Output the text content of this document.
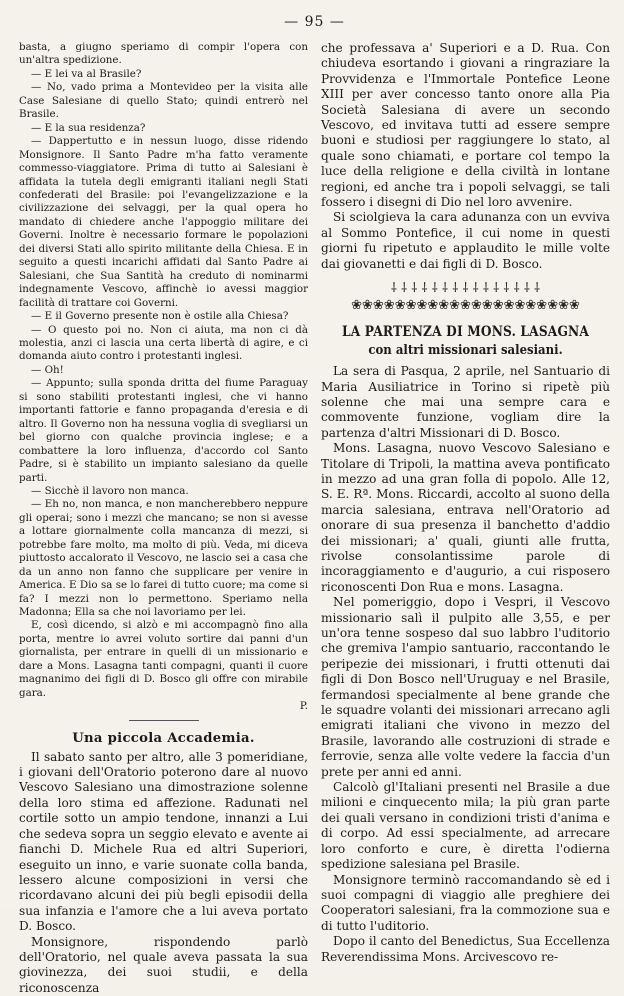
— 95 —

basta, a giugno speriamo di compir l'opera con un'altra spedizione.

— E lei va al Brasile?

— No, vado prima a Montevideo per la visita alle Case Salesiane di quello Stato; quindi entrerò nel Brasile.

— E la sua residenza?

— Dappertutto e in nessun luogo, disse ridendo Monsignore. Il Santo Padre m'ha fatto veramente commesso-viaggiatore. Prima di tutto ai Salesiani è affidata la tutela degli emigranti italiani negli Stati confederati del Brasile: poi l'evangelizzazione e la civilizzazione dei selvaggi, per la qual opera ho mandato di chiedere anche l'appoggio militare dei Governi. Inoltre è necessario formare le popolazioni dei diversi Stati allo spirito militante della Chiesa. E in seguito a questi incarichi affidati dal Santo Padre ai Salesiani, che Sua Santità ha creduto di nominarmi indegnamente Vescovo, affinchè io avessi maggior facilità di trattare coi Governi.

— E il Governo presente non è ostile alla Chiesa?

— O questo poi no. Non ci aiuta, ma non ci dà molestia, anzi ci lascia una certa libertà di agire, e ci domanda aiuto contro i protestanti inglesi.

— Oh!

— Appunto; sulla sponda dritta del fiume Paraguay si sono stabiliti protestanti inglesi, che vi hanno importanti fattorie e fanno propaganda d'eresia e di altro. Il Governo non ha nessuna voglia di svegliarsi un bel giorno con qualche provincia inglese; e a combattere la loro influenza, d'accordo col Santo Padre, si è stabilito un impianto salesiano da quelle parti.

— Sicchè il lavoro non manca.

— Eh no, non manca, e non mancherebbero neppure gli operai; sono i mezzi che mancano; se non si avesse a lottare giornalmente colla mancanza di mezzi, si potrebbe fare molto, ma molto di più. Veda, mi diceva piuttosto accalorato il Vescovo, ne lascio sei a casa che da un anno non fanno che supplicare per venire in America. E Dio sa se lo farei di tutto cuore; ma come si fa? I mezzi non lo permettono. Speriamo nella Madonna; Ella sa che noi lavoriamo per lei.

E, così dicendo, si alzò e mi accompagnò fino alla porta, mentre io avrei voluto sortire dai panni d'un giornalista, per entrare in quelli di un missionario e dare a Mons. Lasagna tanti compagni, quanti il cuore magnanimo dei figli di D. Bosco gli offre con mirabile gara.

P.

Una piccola Accademia.

Il sabato santo per altro, alle 3 pomeridiane, i giovani dell'Oratorio poterono dare al nuovo Vescovo Salesiano una dimostrazione solenne della loro stima ed affezione. Radunati nel cortile sotto un ampio tendone, innanzi a Lui che sedeva sopra un seggio elevato e avente ai fianchi D. Michele Rua ed altri Superiori, eseguito un inno, e varie suonate colla banda, lessero alcune composizioni in versi che ricordavano alcuni dei più begli episodii della sua infanzia e l'amore che a lui aveva portato D. Bosco.

Monsignore, rispondendo parlò dell'Oratorio, nel quale aveva passata la sua giovinezza, dei suoi studii, e della riconoscenza

che professava a' Superiori e a D. Rua. Con chiudeva esortando i giovani a ringraziare la Provvidenza e l'Immortale Pontefice Leone XIII per aver concesso tanto onore alla Pia Società Salesiana di avere un secondo Vescovo, ed invitava tutti ad essere sempre buoni e studiosi per raggiungere lo stato, al quale sono chiamati, e portare col tempo la luce della religione e della civiltà in lontane regioni, ed anche tra i popoli selvaggi, se tali fossero i disegni di Dio nel loro avvenire.

Si sciolgieva la cara adunanza con un evviva al Sommo Pontefice, il cui nome in questi giorni fu ripetuto e applaudito le mille volte dai giovanetti e dai figli di D. Bosco.

⸸ ⸸ ⸸ ⸸ ⸸ ⸸ ⸸ ⸸ ⸸ ⸸ ⸸ ⸸ ⸸ ⸸ ⸸
❀❀❀❀❀❀❀❀❀❀❀❀❀❀❀❀❀❀❀❀❀
LA PARTENZA DI MONS. LASAGNA
con altri missionari salesiani.

La sera di Pasqua, 2 aprile, nel Santuario di Maria Ausiliatrice in Torino si ripetè più solenne che mai una sempre cara e commovente funzione, vogliam dire la partenza d'altri Missionari di D. Bosco.

Mons. Lasagna, nuovo Vescovo Salesiano e Titolare di Tripoli, la mattina aveva pontificato in mezzo ad una gran folla di popolo. Alle 12, S. E. Rª. Mons. Riccardi, accolto al suono della marcia salesiana, entrava nell'Oratorio ad onorare di sua presenza il banchetto d'addio dei missionari; a' quali, giunti alle frutta, rivolse consolantissime parole di incoraggiamento e d'augurio, a cui risposero riconoscenti Don Rua e mons. Lasagna.

Nel pomeriggio, dopo i Vespri, il Vescovo missionario salì il pulpito alle 3,55, e per un'ora tenne sospeso dal suo labbro l'uditorio che gremiva l'ampio santuario, raccontando le peripezie dei missionari, i frutti ottenuti dai figli di Don Bosco nell'Uruguay e nel Brasile, fermandosi specialmente al bene grande che le squadre volanti dei missionari arrecano agli emigrati italiani che vivono in mezzo del Brasile, lavorando alle costruzioni di strade e ferrovie, senza alle volte vedere la faccia d'un prete per anni ed anni.

Calcolò gl'Italiani presenti nel Brasile a due milioni e cinquecento mila; la più gran parte dei quali versano in condizioni tristi d'anima e di corpo. Ad essi specialmente, ad arrecare loro conforto e cure, è diretta l'odierna spedizione salesiana pel Brasile.

Monsignore terminò raccomandando sè ed i suoi compagni di viaggio alle preghiere dei Cooperatori salesiani, fra la commozione sua e di tutto l'uditorio.

Dopo il canto del Benedictus, Sua Eccellenza Reverendissima Mons. Arcivescovo re-
